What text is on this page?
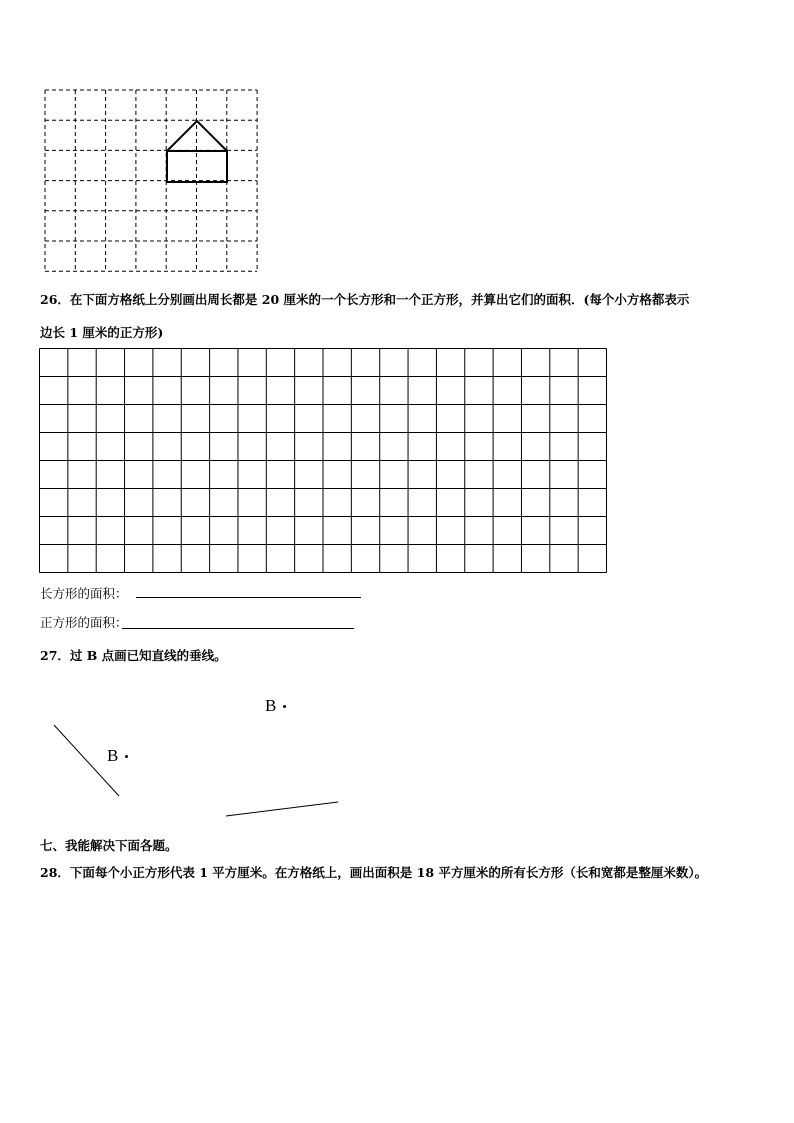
26．在下面方格纸上分别画出周长都是 20 厘米的一个长方形和一个正方形，并算出它们的面积．(每个小方格都表示
边长 1 厘米的正方形)
长方形的面积：
正方形的面积：
27．过 B 点画已知直线的垂线。
B
B
七、我能解决下面各题。
28．下面每个小正方形代表 1 平方厘米。在方格纸上，画出面积是 18 平方厘米的所有长方形（长和宽都是整厘米数）。
